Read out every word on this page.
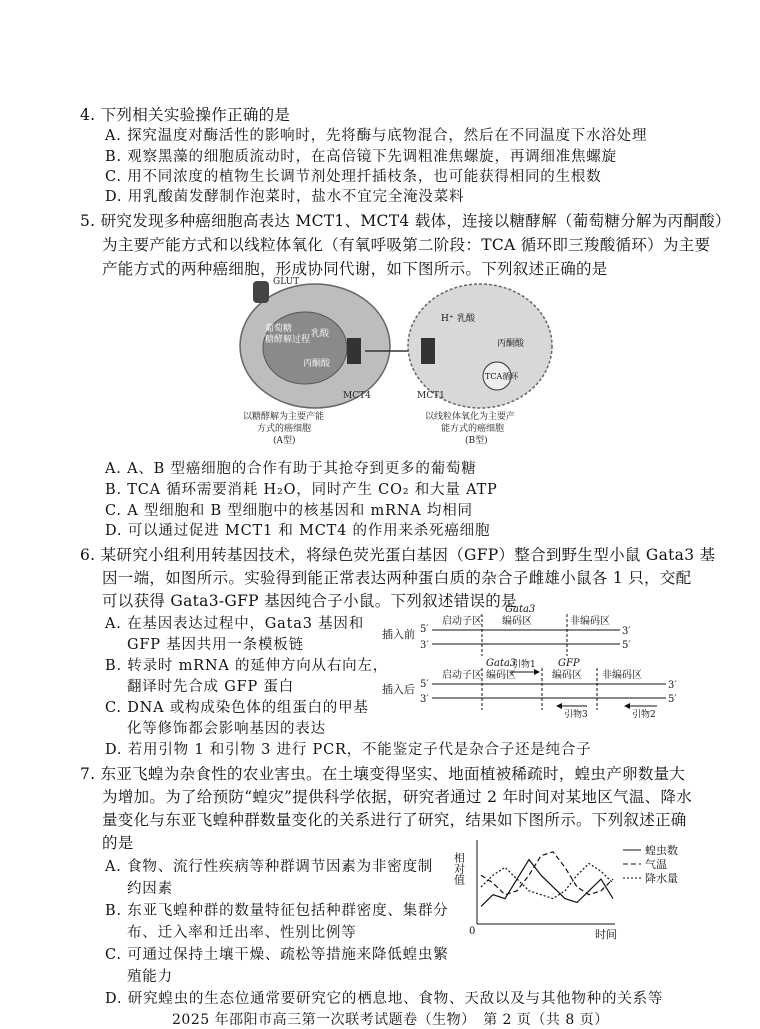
4. 下列相关实验操作正确的是
A. 探究温度对酶活性的影响时，先将酶与底物混合，然后在不同温度下水浴处理
B. 观察黑藻的细胞质流动时，在高倍镜下先调粗准焦螺旋，再调细准焦螺旋
C. 用不同浓度的植物生长调节剂处理扦插枝条，也可能获得相同的生根数
D. 用乳酸菌发酵制作泡菜时，盐水不宜完全淹没菜料
5. 研究发现多种癌细胞高表达 MCT1、MCT4 载体，连接以糖酵解（葡萄糖分解为丙酮酸）
为主要产能方式和以线粒体氧化（有氧呼吸第二阶段：TCA 循环即三羧酸循环）为主要
产能方式的两种癌细胞，形成协同代谢，如下图所示。下列叙述正确的是
GLUT
葡萄糖
糖酵解过程
乳酸
丙酮酸
MCT4	MCT1
H⁺ 乳酸
丙酮酸
TCA循环
以糖酵解为主要产能
方式的癌细胞
(A型)
以线粒体氧化为主要产
能方式的癌细胞
(B型)
A. A、B 型癌细胞的合作有助于其抢夺到更多的葡萄糖
B. TCA 循环需要消耗 H₂O，同时产生 CO₂ 和大量 ATP
C. A 型细胞和 B 型细胞中的核基因和 mRNA 均相同
D. 可以通过促进 MCT1 和 MCT4 的作用来杀死癌细胞
6. 某研究小组利用转基因技术，将绿色荧光蛋白基因（GFP）整合到野生型小鼠 Gata3 基
因一端，如图所示。实验得到能正常表达两种蛋白质的杂合子雌雄小鼠各 1 只，交配
可以获得 Gata3-GFP 基因纯合子小鼠。下列叙述错误的是
A. 在基因表达过程中，Gata3 基因和
GFP 基因共用一条模板链
B. 转录时 mRNA 的延伸方向从右向左，
翻译时先合成 GFP 蛋白
C. DNA 或构成染色体的组蛋白的甲基
化等修饰都会影响基因的表达
D. 若用引物 1 和引物 3 进行 PCR，不能鉴定子代是杂合子还是纯合子
插入前 5′
3′
3′
5′
启动子区
Gata3
编码区	非编码区
插入后 5′
3′
3′
5′
启动子区
Gata3
编码区
GFP
编码区 非编码区
引物1
引物3	引物2
7. 东亚飞蝗为杂食性的农业害虫。在土壤变得坚实、地面植被稀疏时，蝗虫产卵数量大
为增加。为了给预防“蝗灾”提供科学依据，研究者通过 2 年时间对某地区气温、降水
量变化与东亚飞蝗种群数量变化的关系进行了研究，结果如下图所示。下列叙述正确
的是
A. 食物、流行性疾病等种群调节因素为非密度制
约因素
B. 东亚飞蝗种群的数量特征包括种群密度、集群分
布、迁入率和迁出率、性别比例等
C. 可通过保持土壤干燥、疏松等措施来降低蝗虫繁
殖能力
D. 研究蝗虫的生态位通常要研究它的栖息地、食物、天敌以及与其他物种的关系等
相对值
0	时间
蝗虫数
气温
降水量
2025 年邵阳市高三第一次联考试题卷（生物）　第 2 页（共 8 页）
